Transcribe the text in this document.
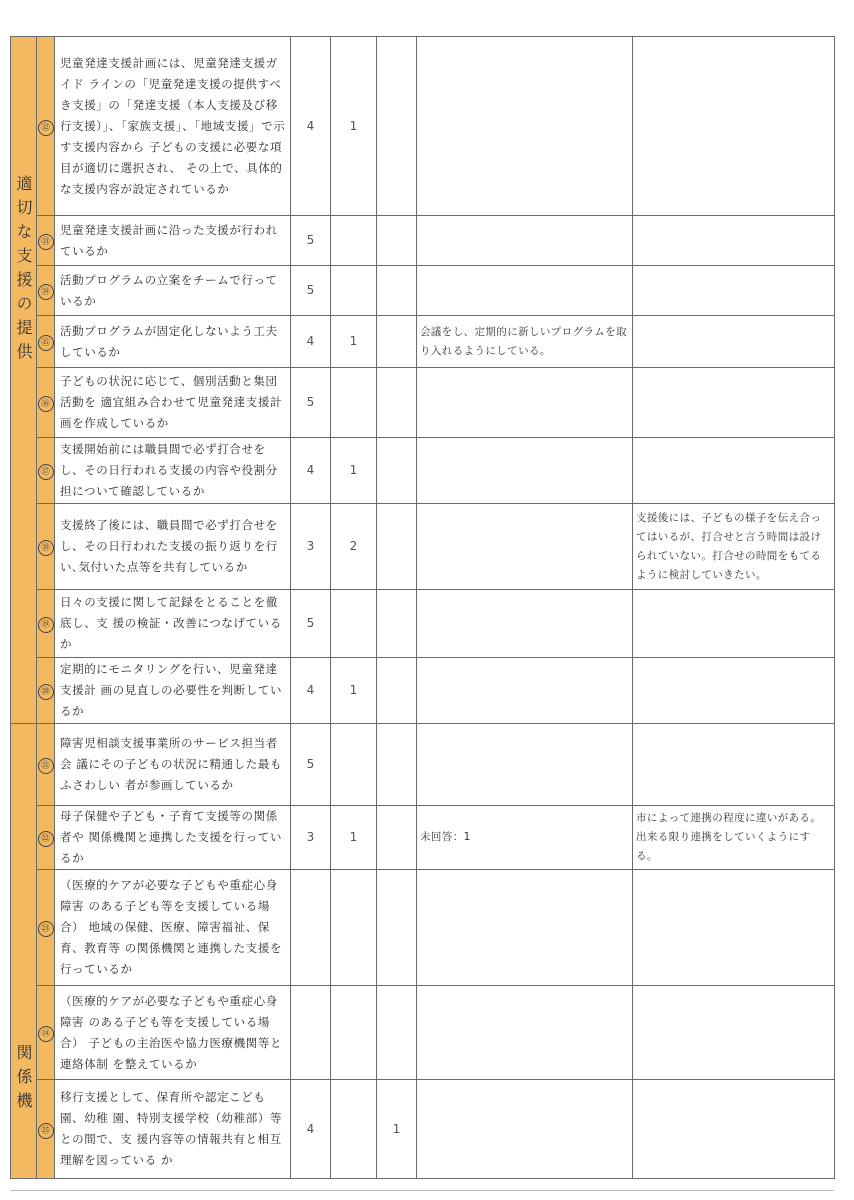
適切な支援の提供	⑫	児童発達支援計画には、児童発達支援ガイド ラインの「児童発達支援の提供すべき支援」の「発達支援（本人支援及び移行支援）」、「家族支援」、「地域支援」で示す支援内容から 子どもの支援に必要な項目が適切に選択され、 その上で、具体的な支援内容が設定されているか	4	1			
	⑬	児童発達支援計画に沿った支援が行われているか	5				
	⑭	活動プログラムの立案をチームで行っているか	5				
	⑮	活動プログラムが固定化しないよう工夫しているか	4	1		会議をし、定期的に新しいプログラムを取り入れるようにしている。	
	⑯	子どもの状況に応じて、個別活動と集団活動を 適宜組み合わせて児童発達支援計画を作成しているか	5				
	⑰	支援開始前には職員間で必ず打合せをし、その日行われる支援の内容や役割分担について確認しているか	4	1			
	⑱	支援終了後には、職員間で必ず打合せをし、その日行われた支援の振り返りを行い､気付いた点等を共有しているか	3	2			支援後には、子どもの様子を伝え合ってはいるが、打合せと言う時間は設けられていない。打合せの時間をもてるように検討していきたい。
	⑲	日々の支援に関して記録をとることを徹底し、支 援の検証・改善につなげているか	5				
	⑳	定期的にモニタリングを行い、児童発達支援計 画の見直しの必要性を判断しているか	4	1			
関係機	㉑	障害児相談支援事業所のサービス担当者会 議にその子どもの状況に精通した最もふさわしい 者が参画しているか	5				
	㉒	母子保健や子ども・子育て支援等の関係者や 関係機関と連携した支援を行っているか	3	1		未回答：1	市によって連携の程度に違いがある。出来る限り連携をしていくようにする。
	㉓	（医療的ケアが必要な子どもや重症心身障害 のある子ども等を支援している場合） 地域の保健、医療、障害福祉、保育、教育等 の関係機関と連携した支援を行っているか					
	㉔	（医療的ケアが必要な子どもや重症心身障害 のある子ども等を支援している場合） 子どもの主治医や協力医療機関等と連絡体制 を整えているか					
	㉕	移行支援として、保育所や認定こども園、幼稚 園、特別支援学校（幼稚部）等との間で、支 援内容等の情報共有と相互理解を図っている か	4		1		
